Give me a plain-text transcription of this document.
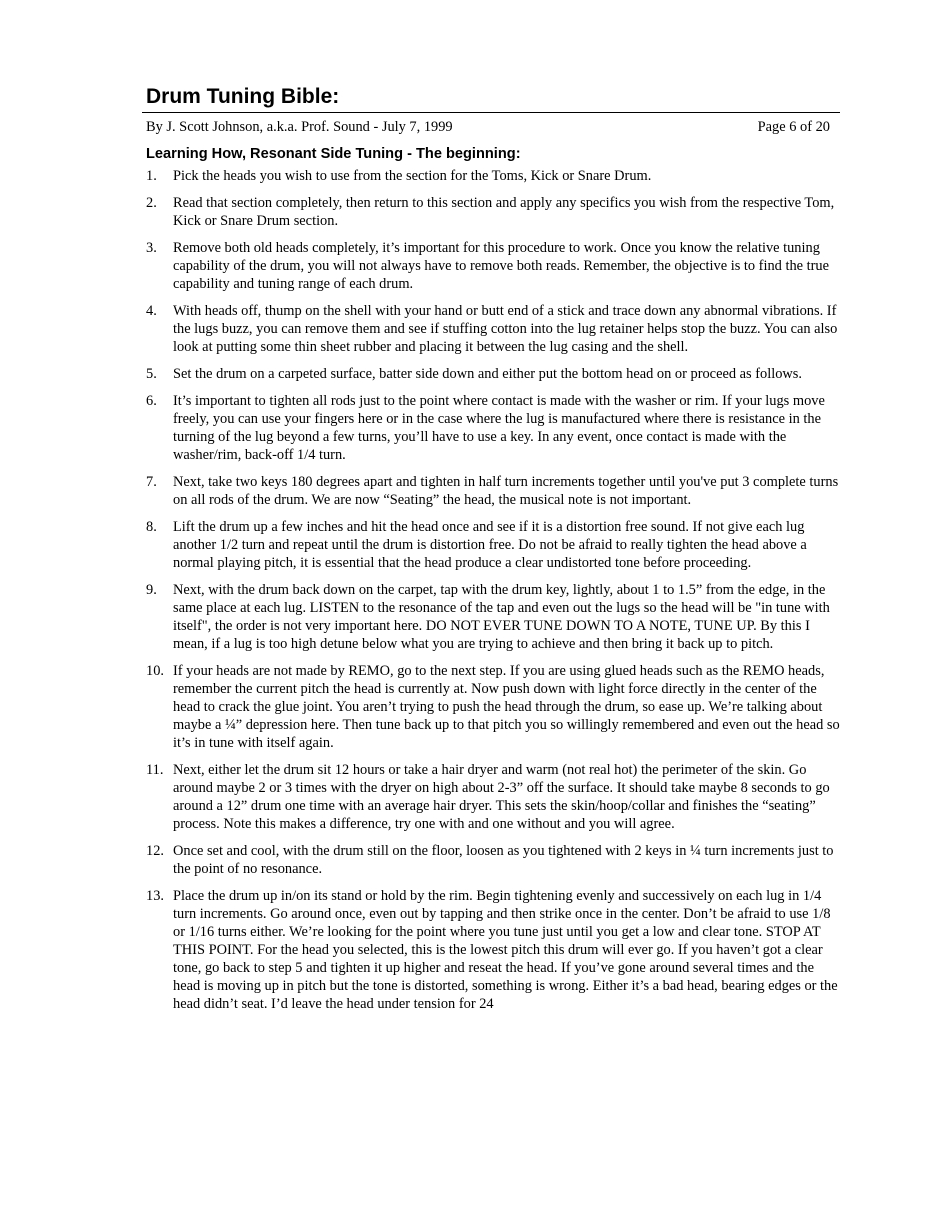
Drum Tuning Bible:
By J. Scott Johnson, a.k.a. Prof. Sound - July 7, 1999	Page 6 of 20
Learning How, Resonant Side Tuning - The beginning:
1.	Pick the heads you wish to use from the section for the Toms, Kick or Snare Drum.
2.	Read that section completely, then return to this section and apply any specifics you wish from the respective Tom, Kick or Snare Drum section.
3.	Remove both old heads completely, it’s important for this procedure to work. Once you know the relative tuning capability of the drum, you will not always have to remove both reads. Remember, the objective is to find the true capability and tuning range of each drum.
4.	With heads off, thump on the shell with your hand or butt end of a stick and trace down any abnormal vibrations. If the lugs buzz, you can remove them and see if stuffing cotton into the lug retainer helps stop the buzz. You can also look at putting some thin sheet rubber and placing it between the lug casing and the shell.
5.	Set the drum on a carpeted surface, batter side down and either put the bottom head on or proceed as follows.
6.	It’s important to tighten all rods just to the point where contact is made with the washer or rim. If your lugs move freely, you can use your fingers here or in the case where the lug is manufactured where there is resistance in the turning of the lug beyond a few turns, you’ll have to use a key. In any event, once contact is made with the washer/rim, back-off 1/4 turn.
7.	Next, take two keys 180 degrees apart and tighten in half turn increments together until you've put 3 complete turns on all rods of the drum. We are now “Seating” the head, the musical note is not important.
8.	Lift the drum up a few inches and hit the head once and see if it is a distortion free sound. If not give each lug another 1/2 turn and repeat until the drum is distortion free. Do not be afraid to really tighten the head above a normal playing pitch, it is essential that the head produce a clear undistorted tone before proceeding.
9.	Next, with the drum back down on the carpet, tap with the drum key, lightly, about 1 to 1.5” from the edge, in the same place at each lug. LISTEN to the resonance of the tap and even out the lugs so the head will be "in tune with itself", the order is not very important here. DO NOT EVER TUNE DOWN TO A NOTE, TUNE UP. By this I mean, if a lug is too high detune below what you are trying to achieve and then bring it back up to pitch.
10. If your heads are not made by REMO, go to the next step. If you are using glued heads such as the REMO heads, remember the current pitch the head is currently at. Now push down with light force directly in the center of the head to crack the glue joint. You aren’t trying to push the head through the drum, so ease up. We’re talking about maybe a ¼” depression here. Then tune back up to that pitch you so willingly remembered and even out the head so it’s in tune with itself again.
11. Next, either let the drum sit 12 hours or take a hair dryer and warm (not real hot) the perimeter of the skin. Go around maybe 2 or 3 times with the dryer on high about 2-3” off the surface. It should take maybe 8 seconds to go around a 12” drum one time with an average hair dryer. This sets the skin/hoop/collar and finishes the “seating” process. Note this makes a difference, try one with and one without and you will agree.
12. Once set and cool, with the drum still on the floor, loosen as you tightened with 2 keys in ¼ turn increments just to the point of no resonance.
13. Place the drum up in/on its stand or hold by the rim. Begin tightening evenly and successively on each lug in 1/4 turn increments. Go around once, even out by tapping and then strike once in the center. Don’t be afraid to use 1/8 or 1/16 turns either. We’re looking for the point where you tune just until you get a low and clear tone. STOP AT THIS POINT. For the head you selected, this is the lowest pitch this drum will ever go. If you haven’t got a clear tone, go back to step 5 and tighten it up higher and reseat the head. If you’ve gone around several times and the head is moving up in pitch but the tone is distorted, something is wrong. Either it’s a bad head, bearing edges or the head didn’t seat. I’d leave the head under tension for 24
